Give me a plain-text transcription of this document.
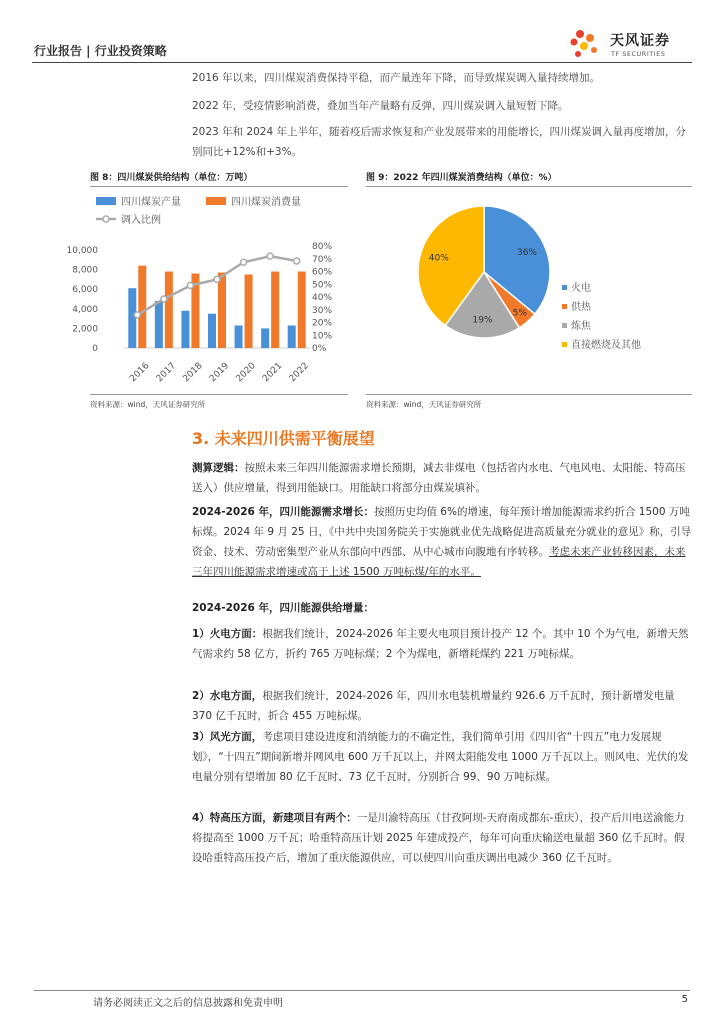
行业报告 | 行业投资策略
天风证券
TF SECURITIES

2016 年以来，四川煤炭消费保持平稳，而产量连年下降，而导致煤炭调入量持续增加。

2022 年，受疫情影响消费，叠加当年产量略有反弹，四川煤炭调入量短暂下降。

2023 年和 2024 年上半年，随着疫后需求恢复和产业发展带来的用能增长，四川煤炭调入量再度增加，分别同比+12%和+3%。

图 8：四川煤炭供给结构（单位：万吨）
四川煤炭产量	四川煤炭消费量
调入比例
10,000
8,000
6,000
4,000
2,000
0
80%
70%
60%
50%
40%
30%
20%
10%
0%
2016 2017 2018 2019 2020 2021 2022
资料来源：wind，天风证券研究所
图 9：2022 年四川煤炭消费结构（单位：%）
36%
5%
19%
40%
火电
供热
炼焦
直接燃烧及其他
资料来源：wind，天风证券研究所
3. 未来四川供需平衡展望

测算逻辑：按照未来三年四川能源需求增长预期，减去非煤电（包括省内水电、气电风电、太阳能、特高压送入）供应增量，得到用能缺口。用能缺口将部分由煤炭填补。

2024-2026 年，四川能源需求增长：按照历史均值 6%的增速，每年预计增加能源需求约折合 1500 万吨标煤。2024 年 9 月 25 日，《中共中央国务院关于实施就业优先战略促进高质量充分就业的意见》称，引导资金、技术、劳动密集型产业从东部向中西部、从中心城市向腹地有序转移。考虑未来产业转移因素，未来三年四川能源需求增速或高于上述 1500 万吨标煤/年的水平。

2024-2026 年，四川能源供给增量：

1）火电方面：根据我们统计，2024-2026 年主要火电项目预计投产 12 个。其中 10 个为气电，新增天然气需求约 58 亿方，折约 765 万吨标煤；2 个为煤电，新增耗煤约 221 万吨标煤。

2）水电方面，根据我们统计，2024-2026 年，四川水电装机增量约 926.6 万千瓦时，预计新增发电量 370 亿千瓦时，折合 455 万吨标煤。

3）风光方面，考虑项目建设进度和消纳能力的不确定性，我们简单引用《四川省“十四五”电力发展规划》，“十四五”期间新增并网风电 600 万千瓦以上，并网太阳能发电 1000 万千瓦以上。则风电、光伏的发电量分别有望增加 80 亿千瓦时、73 亿千瓦时，分别折合 99、90 万吨标煤。

4）特高压方面，新建项目有两个：一是川渝特高压（甘孜阿坝-天府南成都东-重庆），投产后川电送渝能力将提高至 1000 万千瓦；哈重特高压计划 2025 年建成投产，每年可向重庆输送电量超 360 亿千瓦时。假设哈重特高压投产后，增加了重庆能源供应，可以使四川向重庆调出电减少 360 亿千瓦时。

请务必阅读正文之后的信息披露和免责申明	5
